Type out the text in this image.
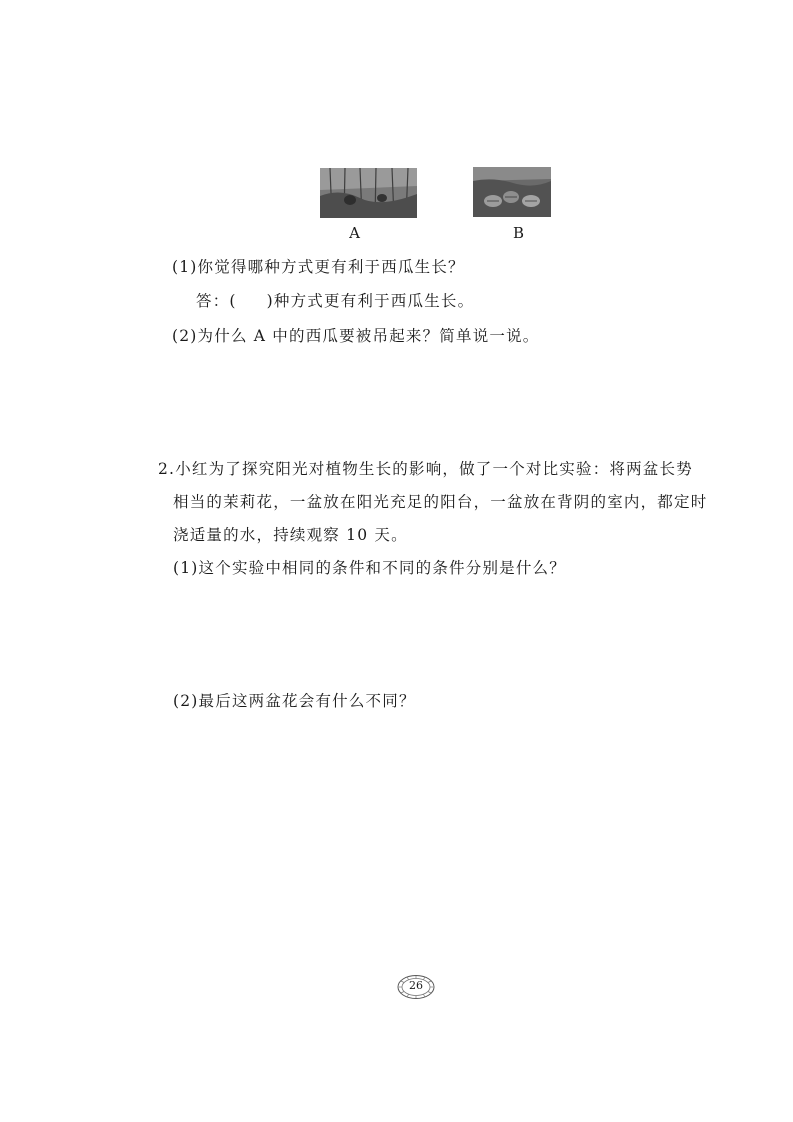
A	B
(1)你觉得哪种方式更有利于西瓜生长？
答：( )种方式更有利于西瓜生长。
(2)为什么 A 中的西瓜要被吊起来？简单说一说。
2.小红为了探究阳光对植物生长的影响，做了一个对比实验：将两盆长势
相当的茉莉花，一盆放在阳光充足的阳台，一盆放在背阴的室内，都定时
浇适量的水，持续观察 10 天。
(1)这个实验中相同的条件和不同的条件分别是什么？
(2)最后这两盆花会有什么不同？
26
